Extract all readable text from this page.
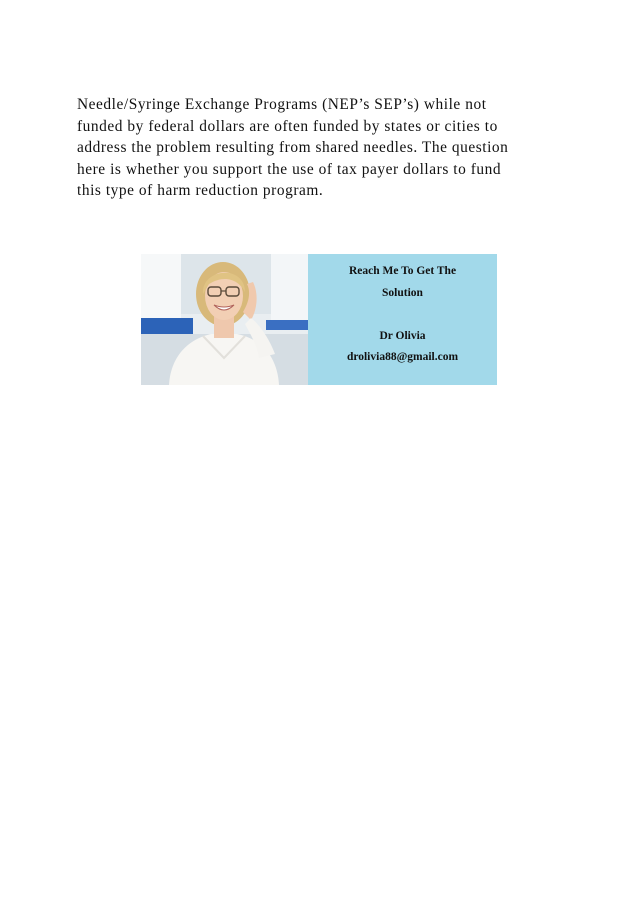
Needle/Syringe Exchange Programs (NEP’s SEP’s) while not
funded by federal dollars are often funded by states or cities to
address the problem resulting from shared needles. The question
here is whether you support the use of tax payer dollars to fund
this type of harm reduction program.

Reach Me To Get The
Solution
Dr Olivia
drolivia88@gmail.com
